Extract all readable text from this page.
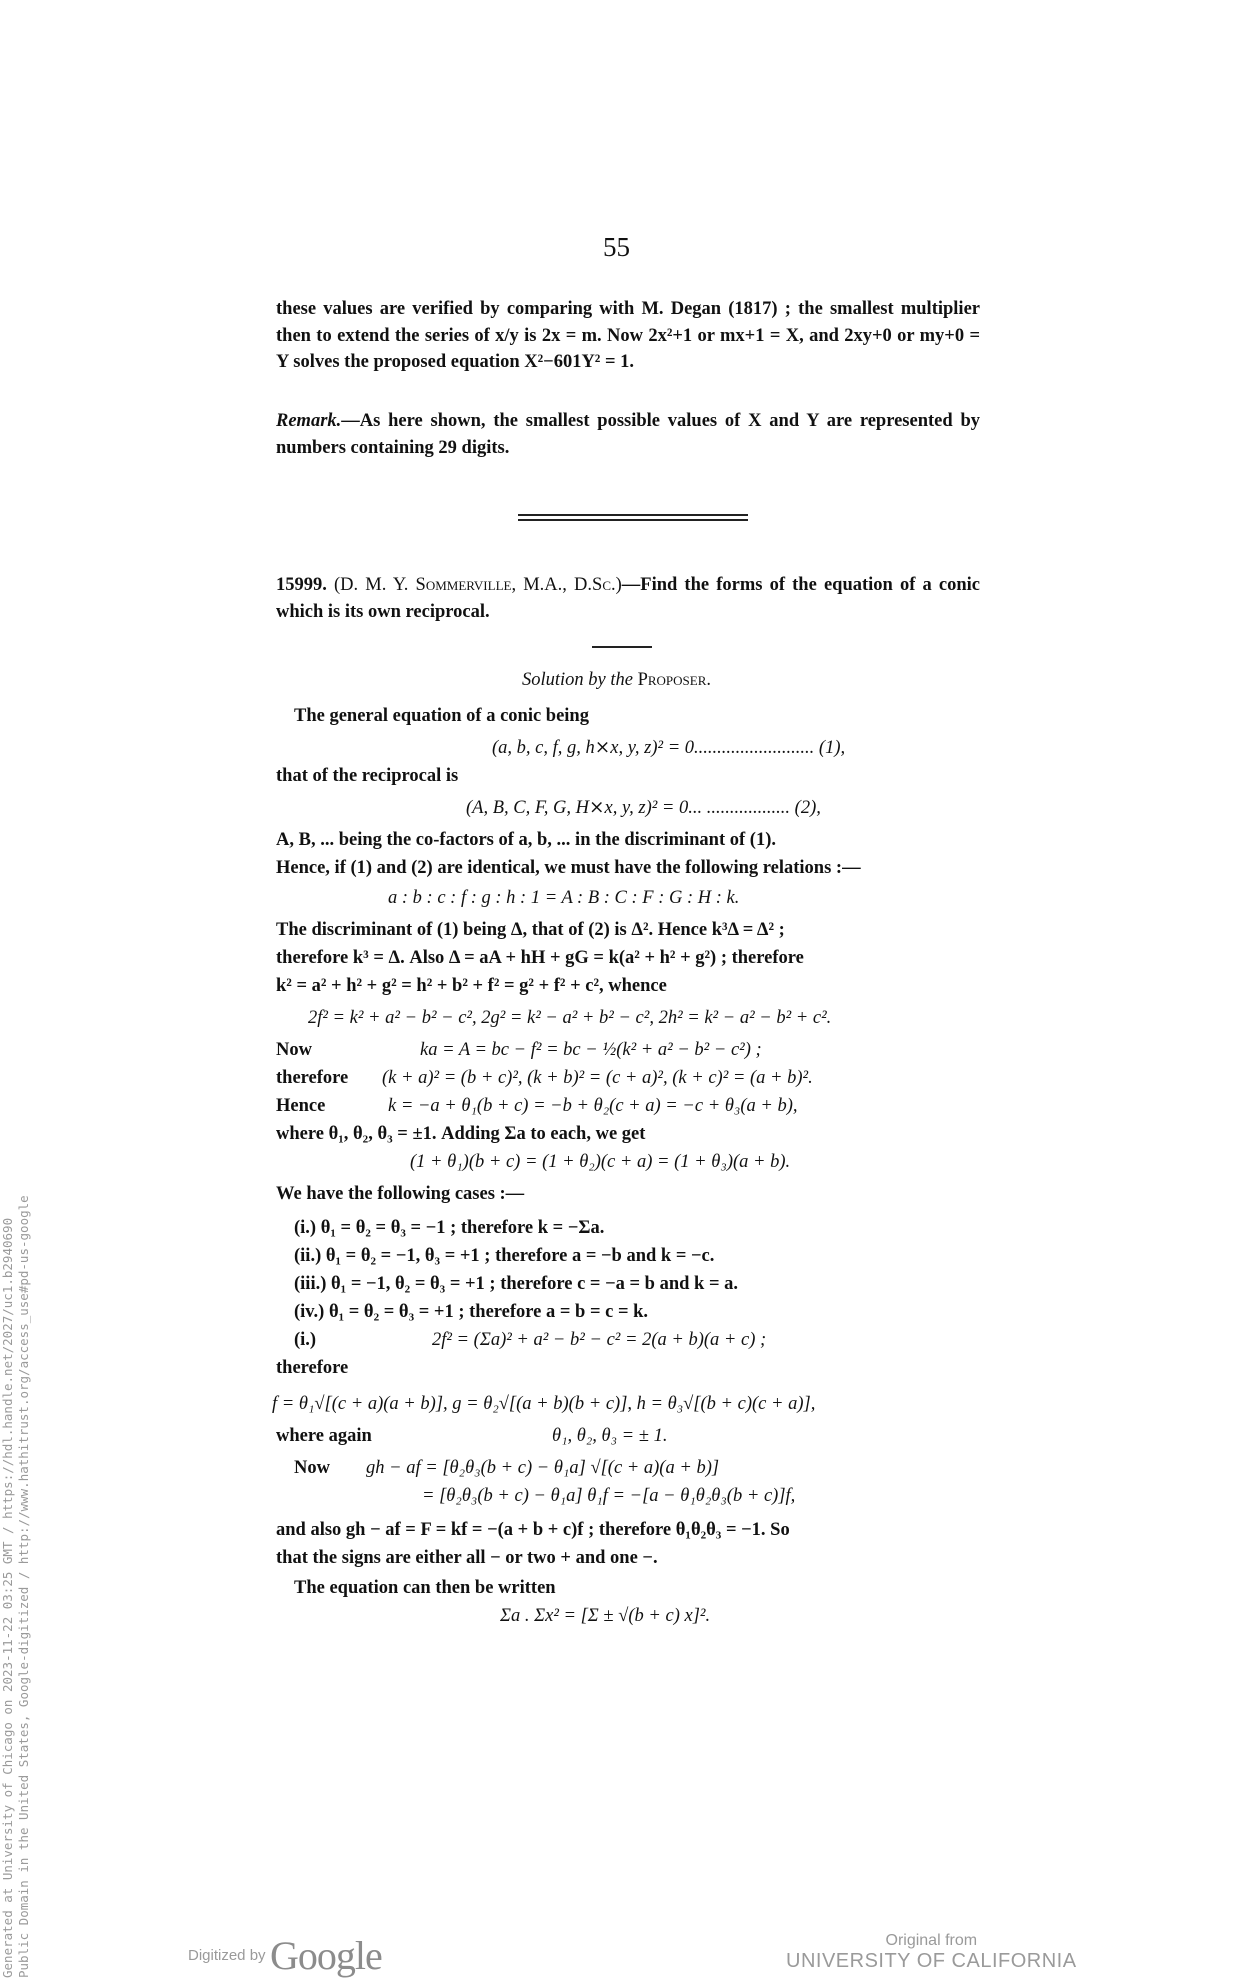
55
these values are verified by comparing with M. Degan (1817) ; the smallest multiplier then to extend the series of x/y is 2x = m. Now 2x²+1 or mx+1 = X, and 2xy+0 or my+0 = Y solves the proposed equation X²−601Y² = 1.
Remark.—As here shown, the smallest possible values of X and Y are represented by numbers containing 29 digits.
15999. (D. M. Y. Sommerville, M.A., D.Sc.)—Find the forms of the equation of a conic which is its own reciprocal.
Solution by the Proposer.
The general equation of a conic being
(a, b, c, f, g, h⨯x, y, z)² = 0.......................... (1),
that of the reciprocal is
(A, B, C, F, G, H⨯x, y, z)² = 0... .................. (2),
A, B, ... being the co-factors of a, b, ... in the discriminant of (1).
Hence, if (1) and (2) are identical, we must have the following relations :—
a : b : c : f : g : h : 1 = A : B : C : F : G : H : k.
The discriminant of (1) being Δ, that of (2) is Δ². Hence k³Δ = Δ² ;
therefore k³ = Δ. Also Δ = aA + hH + gG = k(a² + h² + g²) ; therefore
k² = a² + h² + g² = h² + b² + f² = g² + f² + c², whence
2f² = k² + a² − b² − c², 2g² = k² − a² + b² − c², 2h² = k² − a² − b² + c².
Now	ka = A = bc − f² = bc − ½(k² + a² − b² − c²) ;
therefore (k + a)² = (b + c)², (k + b)² = (c + a)², (k + c)² = (a + b)².
Hence	k = −a + θ₁(b + c) = −b + θ₂(c + a) = −c + θ₃(a + b),
where θ₁, θ₂, θ₃ = ±1. Adding Σa to each, we get
(1 + θ₁)(b + c) = (1 + θ₂)(c + a) = (1 + θ₃)(a + b).
We have the following cases :—
(i.) θ₁ = θ₂ = θ₃ = −1 ; therefore k = −Σa.
(ii.) θ₁ = θ₂ = −1, θ₃ = +1 ; therefore a = −b and k = −c.
(iii.) θ₁ = −1, θ₂ = θ₃ = +1 ; therefore c = −a = b and k = a.
(iv.) θ₁ = θ₂ = θ₃ = +1 ; therefore a = b = c = k.
(i.)	2f² = (Σa)² + a² − b² − c² = 2(a + b)(a + c) ;
therefore
f = θ₁√[(c + a)(a + b)], g = θ₂√[(a + b)(b + c)], h = θ₃√[(b + c)(c + a)],
where again	θ₁, θ₂, θ₃ = ± 1.
Now gh − af = [θ₂θ₃(b + c) − θ₁a] √[(c + a)(a + b)]
= [θ₂θ₃(b + c) − θ₁a] θ₁f = −[a − θ₁θ₂θ₃(b + c)]f,
and also gh − af = F = kf = −(a + b + c)f ; therefore θ₁θ₂θ₃ = −1. So
that the signs are either all − or two + and one −.
The equation can then be written
Σa . Σx² = [Σ ± √(b + c) x]².
Generated at University of Chicago on 2023-11-22 03:25 GMT / https://hdl.handle.net/2027/uc1.b2940690 Public Domain in the United States, Google-digitized / http://www.hathitrust.org/access_use#pd-us-google	Digitized by Google	Original from
UNIVERSITY OF CALIFORNIA
